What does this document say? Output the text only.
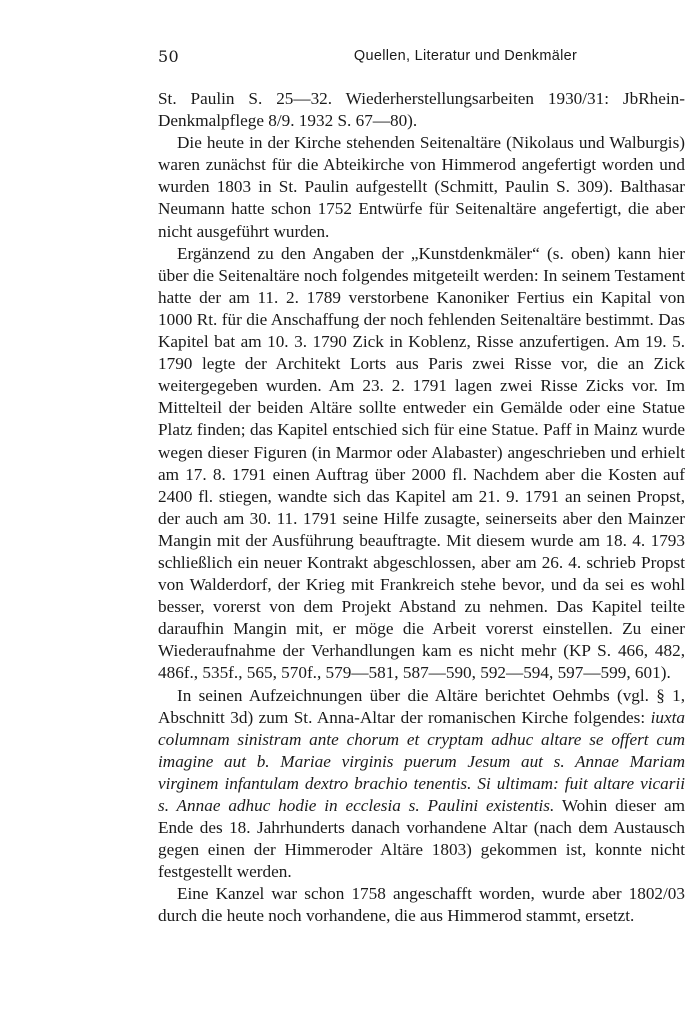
50	Quellen, Literatur und Denkmäler

St. Paulin S. 25—32. Wiederherstellungsarbeiten 1930/31: JbRhein-Denkmalpflege 8/9. 1932 S. 67—80).

Die heute in der Kirche stehenden Seitenaltäre (Nikolaus und Walburgis) waren zunächst für die Abteikirche von Himmerod angefertigt worden und wurden 1803 in St. Paulin aufgestellt (Schmitt, Paulin S. 309). Balthasar Neumann hatte schon 1752 Entwürfe für Seitenaltäre angefertigt, die aber nicht ausgeführt wurden.

Ergänzend zu den Angaben der „Kunstdenkmäler“ (s. oben) kann hier über die Seitenaltäre noch folgendes mitgeteilt werden: In seinem Testament hatte der am 11. 2. 1789 verstorbene Kanoniker Fertius ein Kapital von 1000 Rt. für die Anschaffung der noch fehlenden Seitenaltäre bestimmt. Das Kapitel bat am 10. 3. 1790 Zick in Koblenz, Risse anzufertigen. Am 19. 5. 1790 legte der Architekt Lorts aus Paris zwei Risse vor, die an Zick weitergegeben wurden. Am 23. 2. 1791 lagen zwei Risse Zicks vor. Im Mittelteil der beiden Altäre sollte entweder ein Gemälde oder eine Statue Platz finden; das Kapitel entschied sich für eine Statue. Paff in Mainz wurde wegen dieser Figuren (in Marmor oder Alabaster) angeschrieben und erhielt am 17. 8. 1791 einen Auftrag über 2000 fl. Nachdem aber die Kosten auf 2400 fl. stiegen, wandte sich das Kapitel am 21. 9. 1791 an seinen Propst, der auch am 30. 11. 1791 seine Hilfe zusagte, seinerseits aber den Mainzer Mangin mit der Ausführung beauftragte. Mit diesem wurde am 18. 4. 1793 schließlich ein neuer Kontrakt abgeschlossen, aber am 26. 4. schrieb Propst von Walderdorf, der Krieg mit Frankreich stehe bevor, und da sei es wohl besser, vorerst von dem Projekt Abstand zu nehmen. Das Kapitel teilte daraufhin Mangin mit, er möge die Arbeit vorerst einstellen. Zu einer Wiederaufnahme der Verhandlungen kam es nicht mehr (KP S. 466, 482, 486f., 535f., 565, 570f., 579—581, 587—590, 592—594, 597—599, 601).

In seinen Aufzeichnungen über die Altäre berichtet Oehmbs (vgl. § 1, Abschnitt 3d) zum St. Anna-Altar der romanischen Kirche folgendes: iuxta columnam sinistram ante chorum et cryptam adhuc altare se offert cum imagine aut b. Mariae virginis puerum Jesum aut s. Annae Mariam virginem infantulam dextro brachio tenentis. Si ultimam: fuit altare vicarii s. Annae adhuc hodie in ecclesia s. Paulini existentis. Wohin dieser am Ende des 18. Jahrhunderts danach vorhandene Altar (nach dem Austausch gegen einen der Himmeroder Altäre 1803) gekommen ist, konnte nicht festgestellt werden.

Eine Kanzel war schon 1758 angeschafft worden, wurde aber 1802/03 durch die heute noch vorhandene, die aus Himmerod stammt, ersetzt.
